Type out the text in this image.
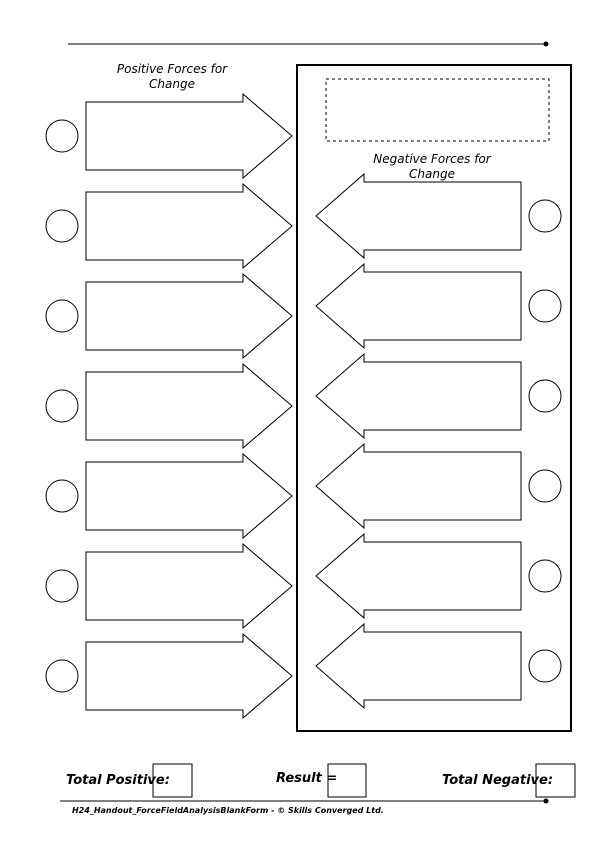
Positive Forces for Change
Negative Forces for Change
Total Positive:	Result =	Total Negative:
H24_Handout_ForceFieldAnalysisBlankForm - © Skills Converged Ltd.
